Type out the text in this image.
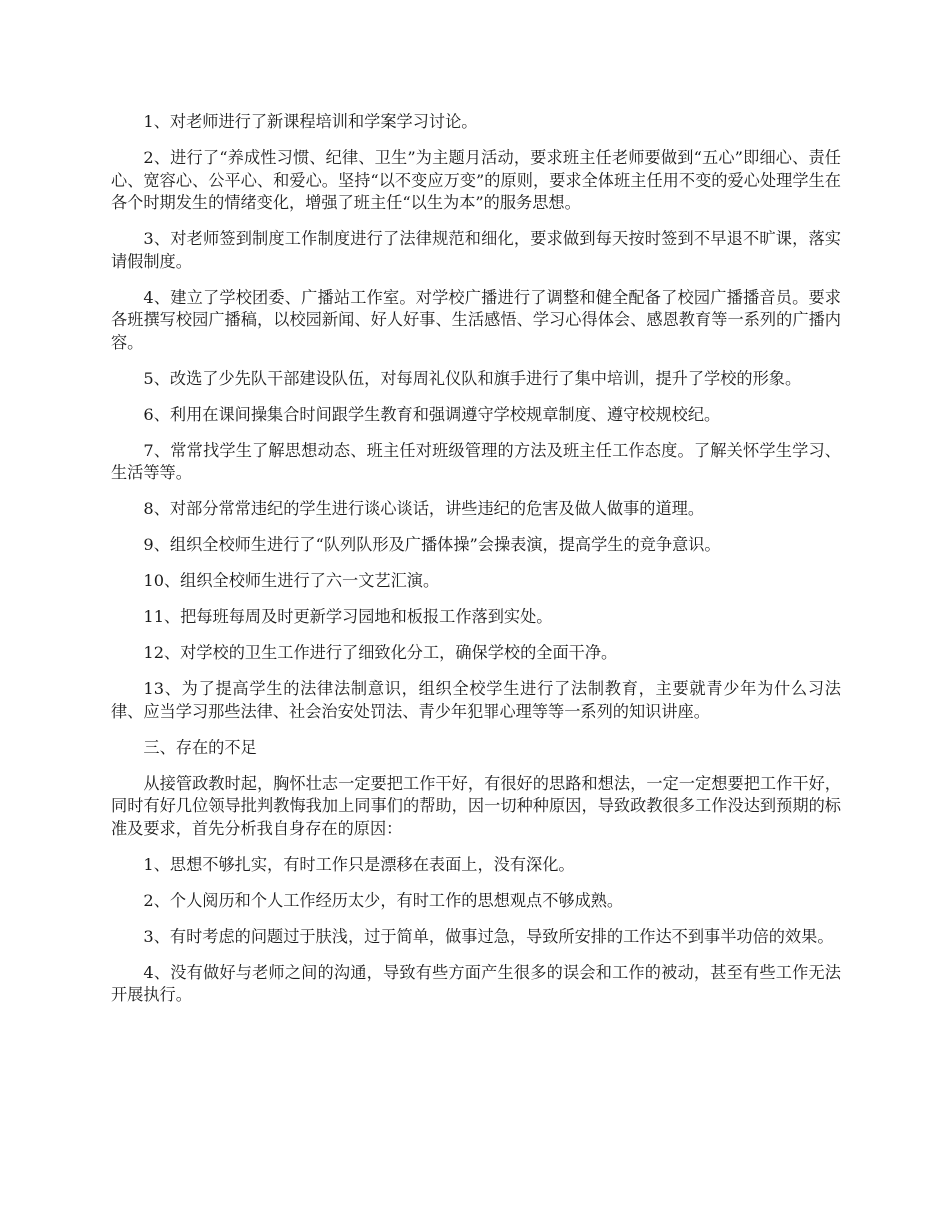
1、对老师进行了新课程培训和学案学习讨论。

2、进行了“养成性习惯、纪律、卫生”为主题月活动，要求班主任老师要做到“五心”即细心、责任心、宽容心、公平心、和爱心。坚持“以不变应万变”的原则，要求全体班主任用不变的爱心处理学生在各个时期发生的情绪变化，增强了班主任“以生为本”的服务思想。

3、对老师签到制度工作制度进行了法律规范和细化，要求做到每天按时签到不早退不旷课，落实请假制度。

4、建立了学校团委、广播站工作室。对学校广播进行了调整和健全配备了校园广播播音员。要求各班撰写校园广播稿，以校园新闻、好人好事、生活感悟、学习心得体会、感恩教育等一系列的广播内容。

5、改选了少先队干部建设队伍，对每周礼仪队和旗手进行了集中培训，提升了学校的形象。

6、利用在课间操集合时间跟学生教育和强调遵守学校规章制度、遵守校规校纪。

7、常常找学生了解思想动态、班主任对班级管理的方法及班主任工作态度。了解关怀学生学习、生活等等。

8、对部分常常违纪的学生进行谈心谈话，讲些违纪的危害及做人做事的道理。

9、组织全校师生进行了“队列队形及广播体操”会操表演，提高学生的竞争意识。

10、组织全校师生进行了六一文艺汇演。

11、把每班每周及时更新学习园地和板报工作落到实处。

12、对学校的卫生工作进行了细致化分工，确保学校的全面干净。

13、为了提高学生的法律法制意识，组织全校学生进行了法制教育，主要就青少年为什么习法律、应当学习那些法律、社会治安处罚法、青少年犯罪心理等等一系列的知识讲座。

三、存在的不足

从接管政教时起，胸怀壮志一定要把工作干好，有很好的思路和想法，一定一定想要把工作干好，同时有好几位领导批判教悔我加上同事们的帮助，因一切种种原因，导致政教很多工作没达到预期的标准及要求，首先分析我自身存在的原因：

1、思想不够扎实，有时工作只是漂移在表面上，没有深化。

2、个人阅历和个人工作经历太少，有时工作的思想观点不够成熟。

3、有时考虑的问题过于肤浅，过于简单，做事过急，导致所安排的工作达不到事半功倍的效果。

4、没有做好与老师之间的沟通，导致有些方面产生很多的误会和工作的被动，甚至有些工作无法开展执行。
